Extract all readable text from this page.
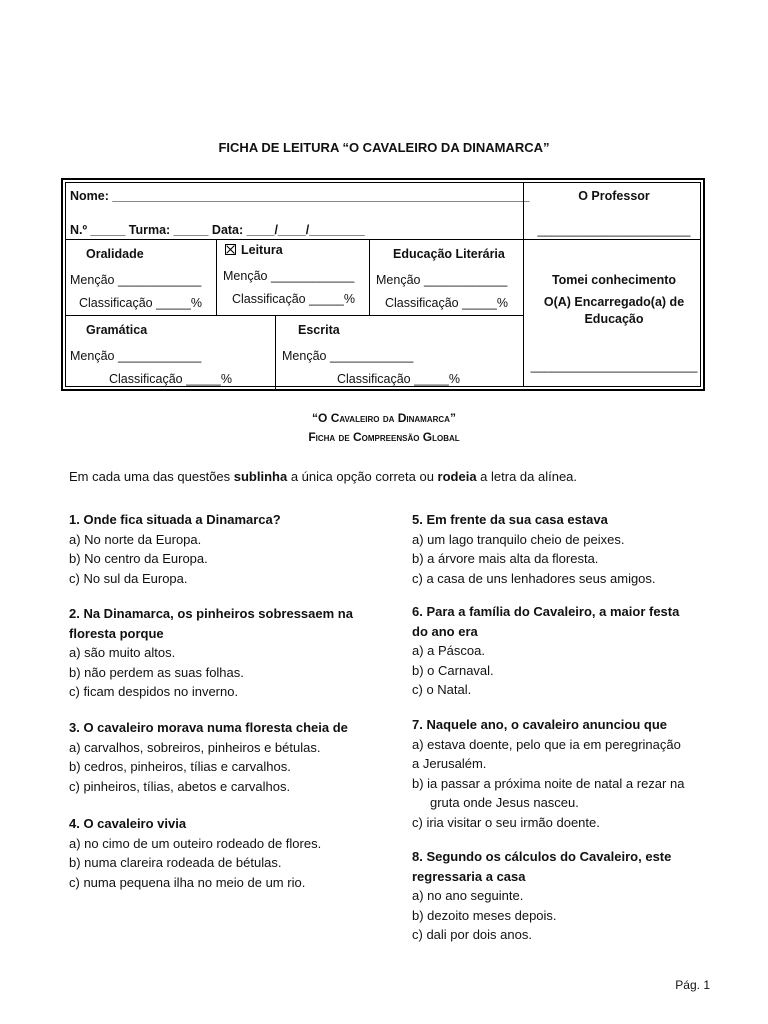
FICHA DE LEITURA “O CAVALEIRO DA DINAMARCA”
Nome: ____________________________________________________________
N.º _____ Turma: _____ Data: ____/____/________
O Professor
______________________
Oralidade
Menção ____________
Classificação _____%
Leitura
Menção ____________
Classificação _____%
Educação Literária
Menção ____________
Classificação _____%
Tomei conhecimento
O(A) Encarregado(a) de
Educação
________________________
Gramática
Menção ____________
Classificação _____%
Escrita
Menção ____________
Classificação _____%
“O Cavaleiro da Dinamarca”
Ficha de Compreensão Global
Em cada uma das questões sublinha a única opção correta ou rodeia a letra da alínea.
1. Onde fica situada a Dinamarca?
a) No norte da Europa.
b) No centro da Europa.
c) No sul da Europa.
2. Na Dinamarca, os pinheiros sobressaem na
floresta porque
a) são muito altos.
b) não perdem as suas folhas.
c) ficam despidos no inverno.
3. O cavaleiro morava numa floresta cheia de
a) carvalhos, sobreiros, pinheiros e bétulas.
b) cedros, pinheiros, tílias e carvalhos.
c) pinheiros, tílias, abetos e carvalhos.
4. O cavaleiro vivia
a) no cimo de um outeiro rodeado de flores.
b) numa clareira rodeada de bétulas.
c) numa pequena ilha no meio de um rio.
5. Em frente da sua casa estava
a) um lago tranquilo cheio de peixes.
b) a árvore mais alta da floresta.
c) a casa de uns lenhadores seus amigos.
6. Para a família do Cavaleiro, a maior festa
do ano era
a) a Páscoa.
b) o Carnaval.
c) o Natal.
7. Naquele ano, o cavaleiro anunciou que
a) estava doente, pelo que ia em peregrinação
a Jerusalém.
b) ia passar a próxima noite de natal a rezar na
gruta onde Jesus nasceu.
c) iria visitar o seu irmão doente.
8. Segundo os cálculos do Cavaleiro, este
regressaria a casa
a) no ano seguinte.
b) dezoito meses depois.
c) dali por dois anos.
Pág. 1
